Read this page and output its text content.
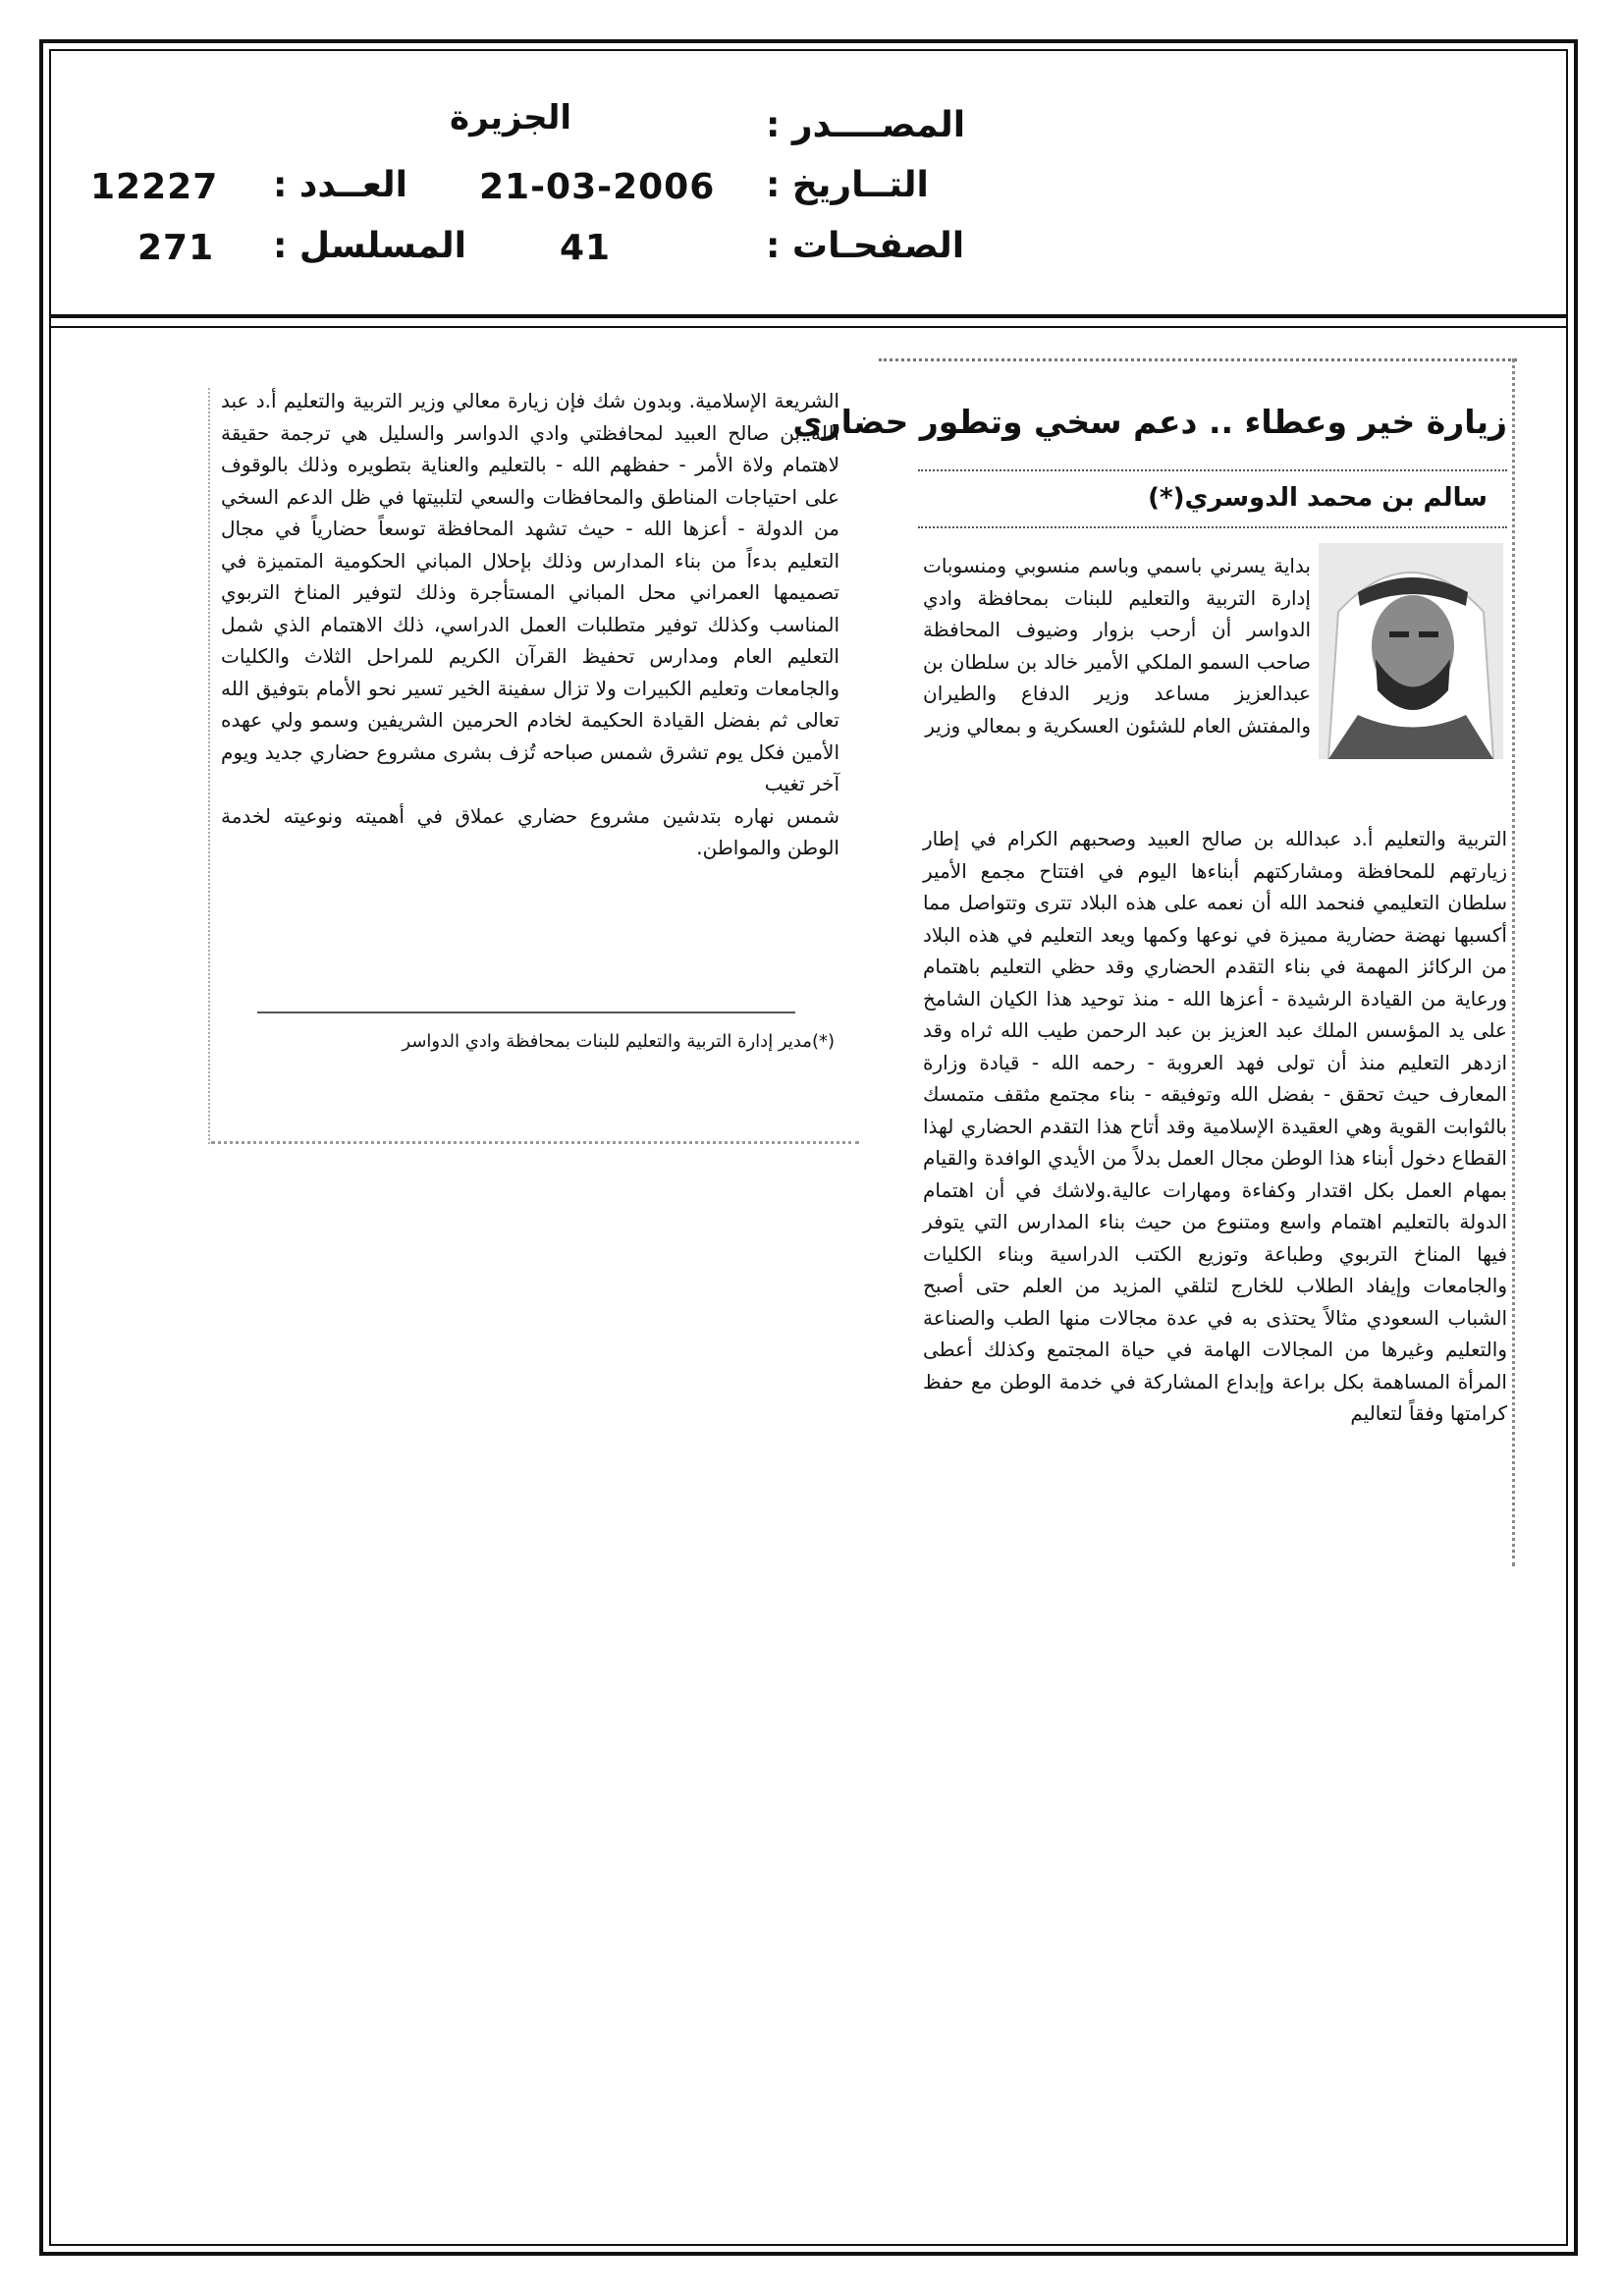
المصــــدر :
الجزيرة
التــاريخ :
21-03-2006
العــدد :
12227
الصفحـات :
41
المسلسل :
271
زيارة خير وعطاء .. دعم سخي وتطور حضاري
سالم بن محمد الدوسري(*)

بداية يسرني باسمي وباسم منسوبي ومنسوبات إدارة التربية والتعليم للبنات بمحافظة وادي الدواسر أن أرحب بزوار وضيوف المحافظة صاحب السمو الملكي الأمير خالد بن سلطان بن عبدالعزيز مساعد وزير الدفاع والطيران والمفتش العام للشئون العسكرية و بمعالي وزير

التربية والتعليم أ.د عبدالله بن صالح العبيد وصحبهم الكرام في إطار زيارتهم للمحافظة ومشاركتهم أبناءها اليوم في افتتاح مجمع الأمير سلطان التعليمي فنحمد الله أن نعمه على هذه البلاد تترى وتتواصل مما أكسبها نهضة حضارية مميزة في نوعها وكمها ويعد التعليم في هذه البلاد من الركائز المهمة في بناء التقدم الحضاري وقد حظي التعليم باهتمام ورعاية من القيادة الرشيدة - أعزها الله - منذ توحيد هذا الكيان الشامخ على يد المؤسس الملك عبد العزيز بن عبد الرحمن طيب الله ثراه وقد ازدهر التعليم منذ أن تولى فهد العروبة - رحمه الله - قيادة وزارة المعارف حيث تحقق - بفضل الله وتوفيقه - بناء مجتمع مثقف متمسك بالثوابت القوية وهي العقيدة الإسلامية وقد أتاح هذا التقدم الحضاري لهذا القطاع دخول أبناء هذا الوطن مجال العمل بدلاً من الأيدي الوافدة والقيام بمهام العمل بكل اقتدار وكفاءة ومهارات عالية.ولاشك في أن اهتمام الدولة بالتعليم اهتمام واسع ومتنوع من حيث بناء المدارس التي يتوفر فيها المناخ التربوي وطباعة وتوزيع الكتب الدراسية وبناء الكليات والجامعات وإيفاد الطلاب للخارج لتلقي المزيد من العلم حتى أصبح الشباب السعودي مثالاً يحتذى به في عدة مجالات منها الطب والصناعة والتعليم وغيرها من المجالات الهامة في حياة المجتمع وكذلك أعطى المرأة المساهمة بكل براعة وإبداع المشاركة في خدمة الوطن مع حفظ كرامتها وفقاً لتعاليم

الشريعة الإسلامية. وبدون شك فإن زيارة معالي وزير التربية والتعليم أ.د عبد الله بن صالح العبيد لمحافظتي وادي الدواسر والسليل هي ترجمة حقيقة لاهتمام ولاة الأمر - حفظهم الله - بالتعليم والعناية بتطويره وذلك بالوقوف على احتياجات المناطق والمحافظات والسعي لتلبيتها في ظل الدعم السخي من الدولة - أعزها الله - حيث تشهد المحافظة توسعاً حضارياً في مجال التعليم بدءاً من بناء المدارس وذلك بإحلال المباني الحكومية المتميزة في تصميمها العمراني محل المباني المستأجرة وذلك لتوفير المناخ التربوي المناسب وكذلك توفير متطلبات العمل الدراسي، ذلك الاهتمام الذي شمل التعليم العام ومدارس تحفيظ القرآن الكريم للمراحل الثلاث والكليات والجامعات وتعليم الكبيرات ولا تزال سفينة الخير تسير نحو الأمام بتوفيق الله تعالى ثم بفضل القيادة الحكيمة لخادم الحرمين الشريفين وسمو ولي عهده الأمين فكل يوم تشرق شمس صباحه تُزف بشرى مشروع حضاري جديد ويوم آخر تغيب

شمس نهاره بتدشين مشروع حضاري عملاق في أهميته ونوعيته لخدمة الوطن والمواطن.

(*)مدير إدارة التربية والتعليم للبنات بمحافظة وادي الدواسر
